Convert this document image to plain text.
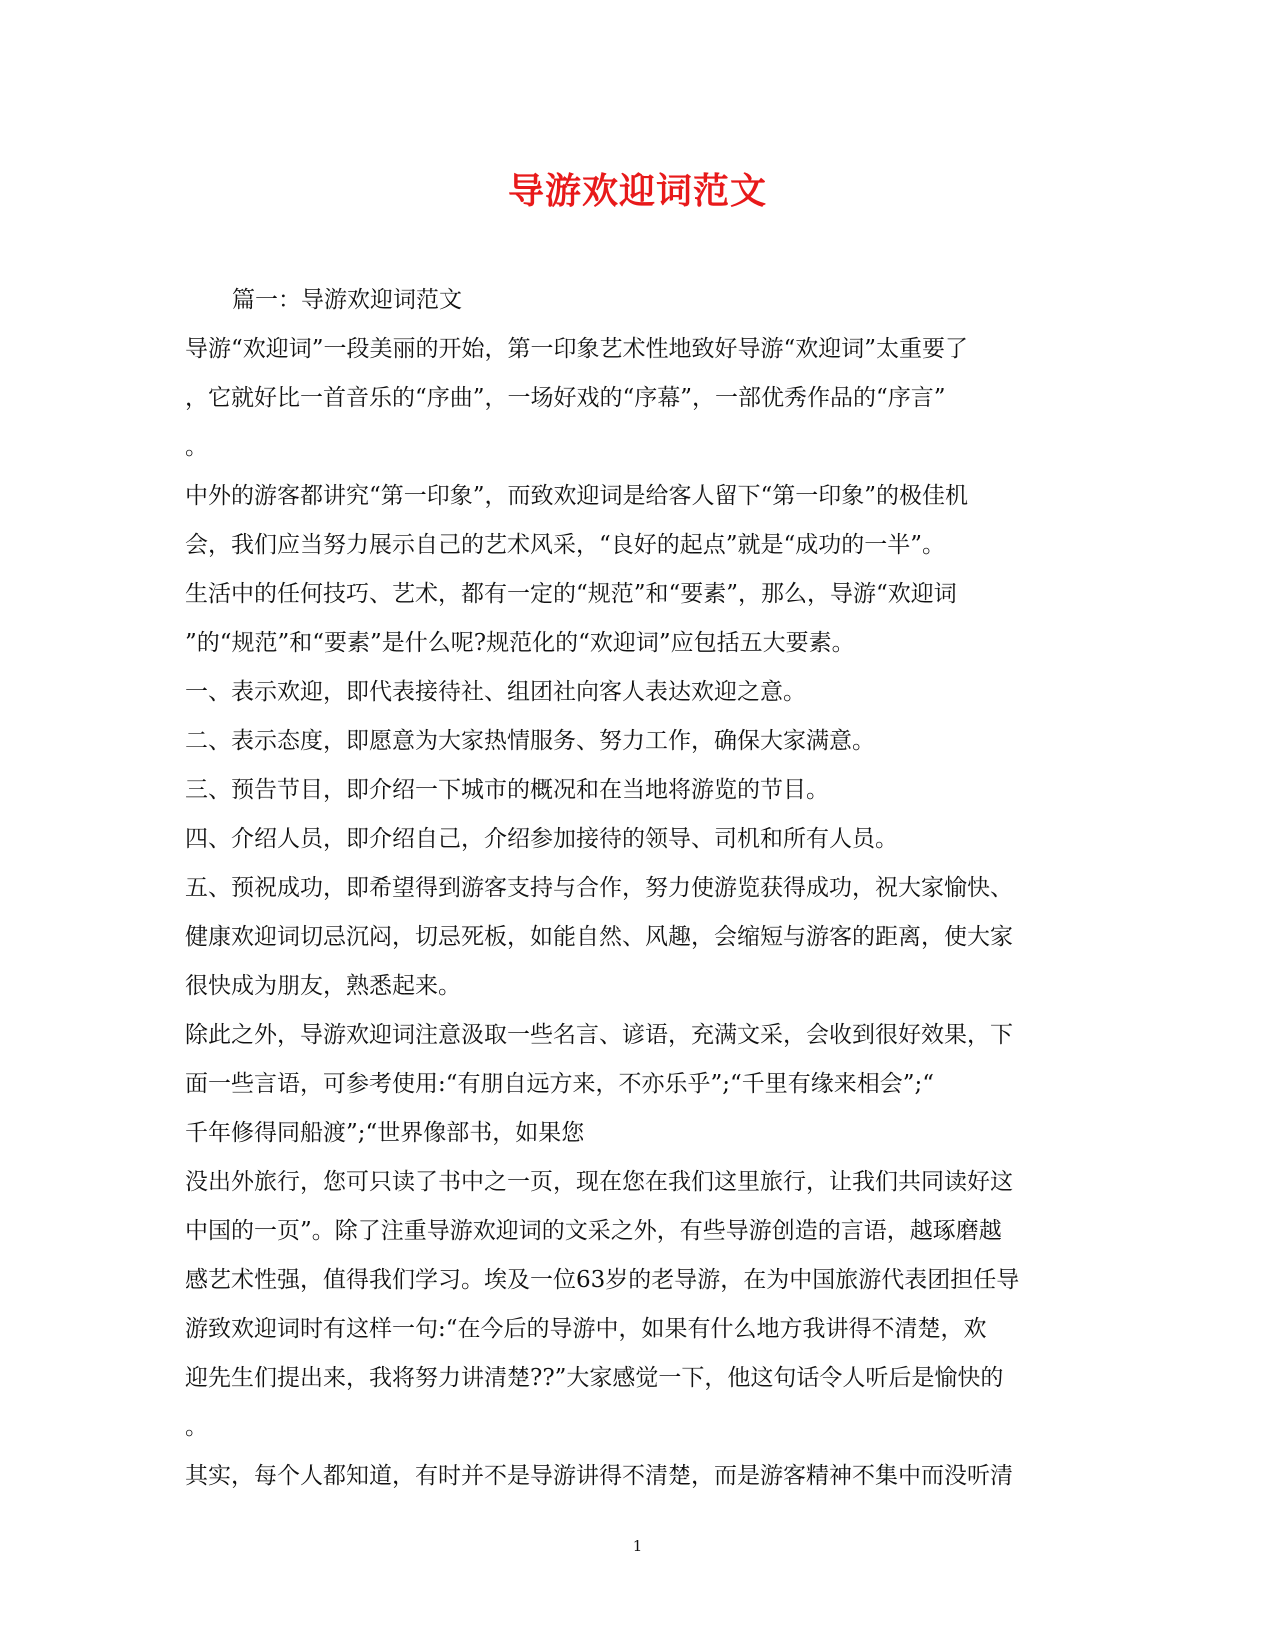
导游欢迎词范文
篇一：导游欢迎词范文
导游“欢迎词”一段美丽的开始，第一印象艺术性地致好导游“欢迎词”太重要了
，它就好比一首音乐的“序曲”，一场好戏的“序幕”，一部优秀作品的“序言”
。
中外的游客都讲究“第一印象”，而致欢迎词是给客人留下“第一印象”的极佳机
会，我们应当努力展示自己的艺术风采，“良好的起点”就是“成功的一半”。
生活中的任何技巧、艺术，都有一定的“规范”和“要素”，那么，导游“欢迎词
”的“规范”和“要素”是什么呢?规范化的“欢迎词”应包括五大要素。
一、表示欢迎，即代表接待社、组团社向客人表达欢迎之意。
二、表示态度，即愿意为大家热情服务、努力工作，确保大家满意。
三、预告节目，即介绍一下城市的概况和在当地将游览的节目。
四、介绍人员，即介绍自己，介绍参加接待的领导、司机和所有人员。
五、预祝成功，即希望得到游客支持与合作，努力使游览获得成功，祝大家愉快、
健康欢迎词切忌沉闷，切忌死板，如能自然、风趣，会缩短与游客的距离，使大家
很快成为朋友，熟悉起来。
除此之外，导游欢迎词注意汲取一些名言、谚语，充满文采，会收到很好效果，下
面一些言语，可参考使用:“有朋自远方来，不亦乐乎”;“千里有缘来相会”;“
千年修得同船渡”;“世界像部书，如果您
没出外旅行，您可只读了书中之一页，现在您在我们这里旅行，让我们共同读好这
中国的一页”。除了注重导游欢迎词的文采之外，有些导游创造的言语，越琢磨越
感艺术性强，值得我们学习。埃及一位63岁的老导游，在为中国旅游代表团担任导
游致欢迎词时有这样一句:“在今后的导游中，如果有什么地方我讲得不清楚，欢
迎先生们提出来，我将努力讲清楚??”大家感觉一下，他这句话令人听后是愉快的
。
其实，每个人都知道，有时并不是导游讲得不清楚，而是游客精神不集中而没听清
1
